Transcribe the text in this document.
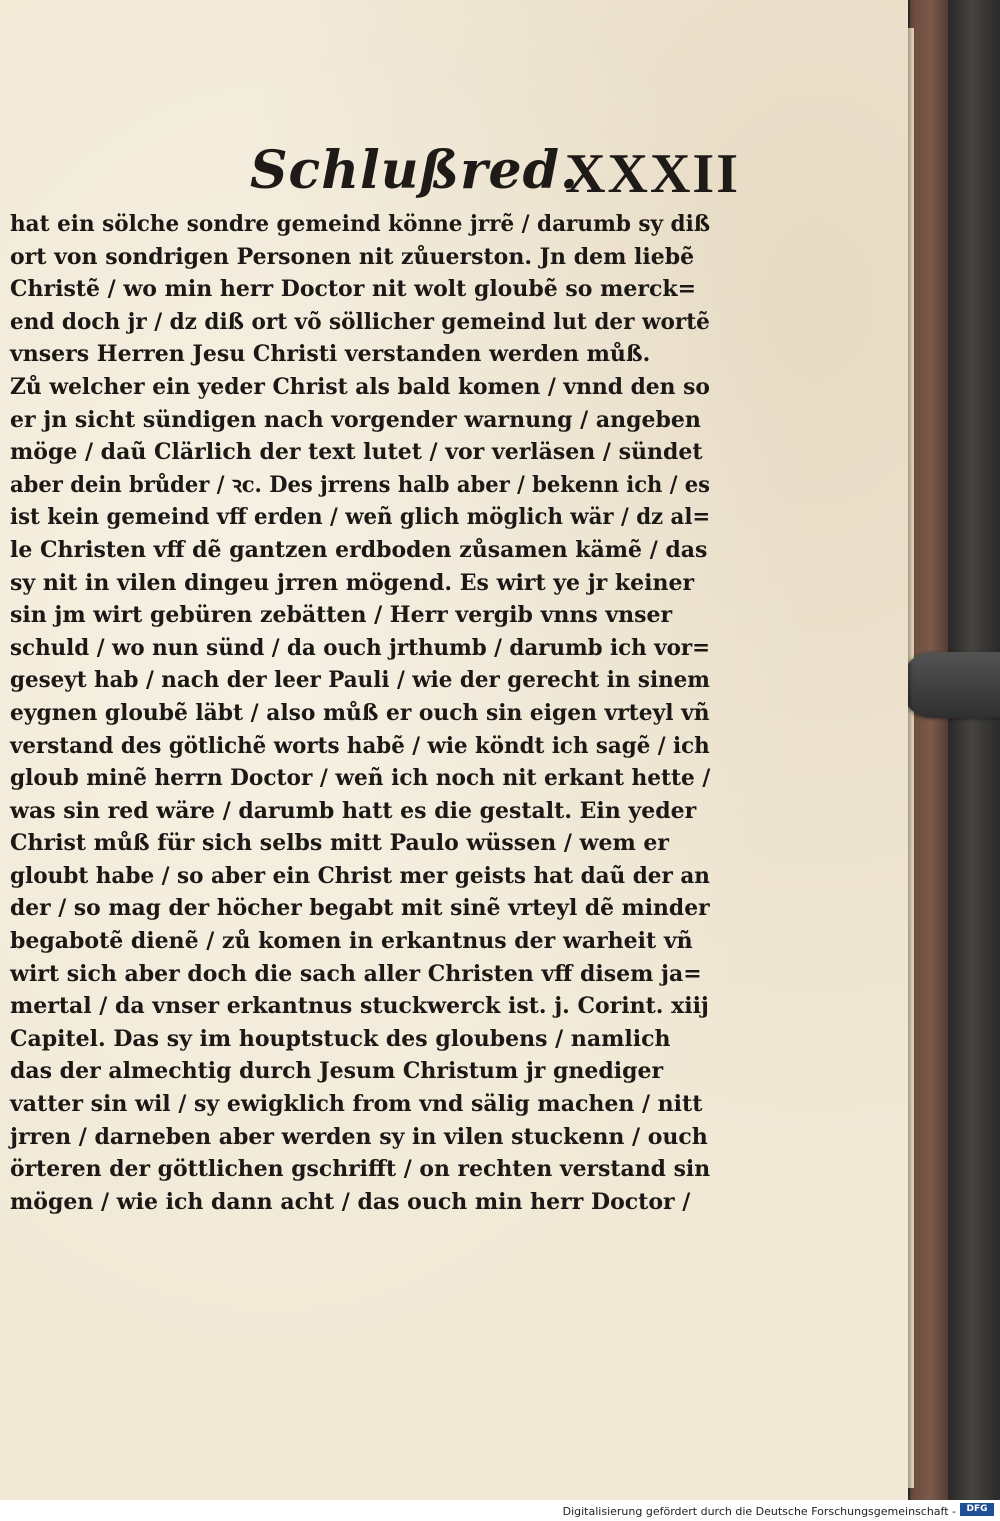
Schlußred.
XXXII
hat ein sölche sondre gemeind könne jrrẽ / darumb sy diß
ort von sondrigen Personen nit zůuerston. Jn dem liebẽ
Christẽ / wo min herr Doctor nit wolt gloubẽ so merck=
end doch jr / dz diß ort võ söllicher gemeind lut der wortẽ
vnsers Herren Jesu Christi verstanden werden můß.
Zů welcher ein yeder Christ als bald komen / vnnd den so
er jn sicht sündigen nach vorgender warnung / angeben
möge / daũ Clärlich der text lutet / vor verläsen / sündet
aber dein brůder / ꝛc. Des jrrens halb aber / bekenn ich / es
ist kein gemeind vff erden / weñ glich möglich wär / dz al=
le Christen vff dẽ gantzen erdboden zůsamen kämẽ / das
sy nit in vilen dingeu jrren mögend. Es wirt ye jr keiner
sin jm wirt gebüren zebätten / Herr vergib vnns vnser
schuld / wo nun sünd / da ouch jrthumb / darumb ich vor=
geseyt hab / nach der leer Pauli / wie der gerecht in sinem
eygnen gloubẽ läbt / also můß er ouch sin eigen vrteyl vñ
verstand des götlichẽ worts habẽ / wie köndt ich sagẽ / ich
gloub minẽ herrn Doctor / weñ ich noch nit erkant hette /
was sin red wäre / darumb hatt es die gestalt. Ein yeder
Christ můß für sich selbs mitt Paulo wüssen / wem er
gloubt habe / so aber ein Christ mer geists hat daũ der an
der / so mag der höcher begabt mit sinẽ vrteyl dẽ minder
begabotẽ dienẽ / zů komen in erkantnus der warheit vñ
wirt sich aber doch die sach aller Christen vff disem ja=
mertal / da vnser erkantnus stuckwerck ist. j. Corint. xiij
Capitel. Das sy im houptstuck des gloubens / namlich
das der almechtig durch Jesum Christum jr gnediger
vatter sin wil / sy ewigklich from vnd sälig machen / nitt
jrren / darneben aber werden sy in vilen stuckenn / ouch
örteren der göttlichen gschrifft / on rechten verstand sin
mögen / wie ich dann acht / das ouch min herr Doctor /
Digitalisierung gefördert durch die Deutsche Forschungsgemeinschaft -	DFG
